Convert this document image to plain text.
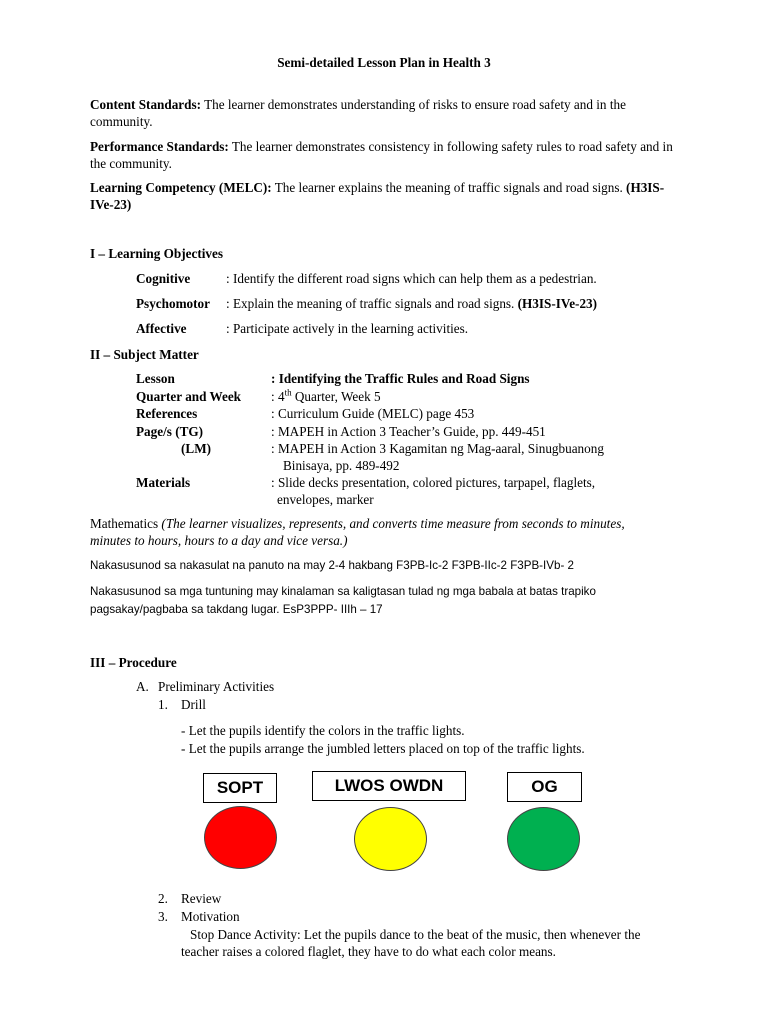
Semi-detailed Lesson Plan in Health 3
Content Standards: The learner demonstrates understanding of risks to ensure road safety and in the community.
Performance Standards: The learner demonstrates consistency in following safety rules to road safety and in the community.
Learning Competency (MELC): The learner explains the meaning of traffic signals and road signs. (H3IS-IVe-23)
I – Learning Objectives
Cognitive	: Identify the different road signs which can help them as a pedestrian.
Psychomotor : Explain the meaning of traffic signals and road signs. (H3IS-IVe-23)
Affective	: Participate actively in the learning activities.
II – Subject Matter
Lesson	: Identifying the Traffic Rules and Road Signs
Quarter and Week : 4th Quarter, Week 5
References	: Curriculum Guide (MELC) page 453
Page/s (TG)	: MAPEH in Action 3 Teacher’s Guide, pp. 449-451
(LM)	: MAPEH in Action 3 Kagamitan ng Mag-aaral, Sinugbuanong
Binisaya, pp. 489-492
Materials	: Slide decks presentation, colored pictures, tarpapel, flaglets,
envelopes, marker
Mathematics (The learner visualizes, represents, and converts time measure from seconds to minutes, minutes to hours, hours to a day and vice versa.)
Nakasusunod sa nakasulat na panuto na may 2-4 hakbang F3PB-Ic-2 F3PB-IIc-2 F3PB-IVb- 2
Nakasusunod sa mga tuntuning may kinalaman sa kaligtasan tulad ng mga babala at batas trapiko pagsakay/pagbaba sa takdang lugar. EsP3PPP- IIIh – 17
III – Procedure
A. Preliminary Activities
1. Drill
- Let the pupils identify the colors in the traffic lights.
- Let the pupils arrange the jumbled letters placed on top of the traffic lights.
SOPT	LWOS OWDN	OG
2. Review
3. Motivation
Stop Dance Activity: Let the pupils dance to the beat of the music, then whenever the teacher raises a colored flaglet, they have to do what each color means.
